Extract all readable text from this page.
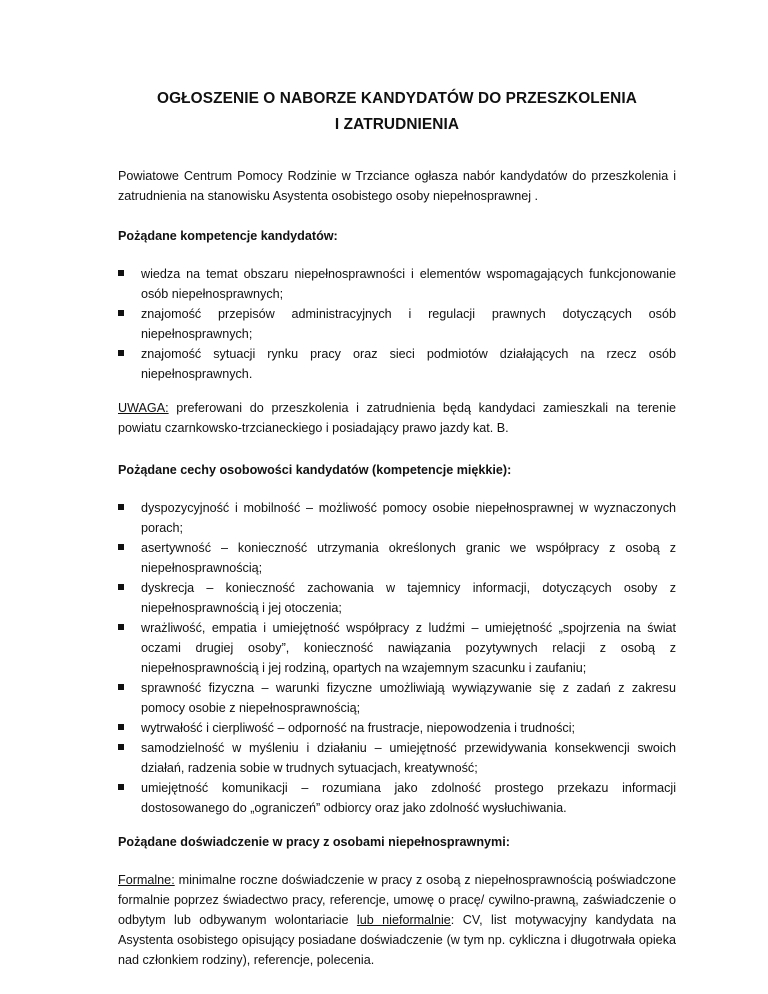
OGŁOSZENIE O NABORZE KANDYDATÓW DO PRZESZKOLENIA
I ZATRUDNIENIA

Powiatowe Centrum Pomocy Rodzinie w Trzciance ogłasza nabór kandydatów do przeszkolenia i zatrudnienia na stanowisku Asystenta osobistego osoby niepełnosprawnej .

Pożądane kompetencje kandydatów:
wiedza na temat obszaru niepełnosprawności i elementów wspomagających funkcjonowanie osób niepełnosprawnych;
znajomość przepisów administracyjnych i regulacji prawnych dotyczących osób niepełnosprawnych;
znajomość sytuacji rynku pracy oraz sieci podmiotów działających na rzecz osób niepełnosprawnych.

UWAGA: preferowani do przeszkolenia i zatrudnienia będą kandydaci zamieszkali na terenie powiatu czarnkowsko-trzcianeckiego i posiadający prawo jazdy kat. B.

Pożądane cechy osobowości kandydatów (kompetencje miękkie):
dyspozycyjność i mobilność – możliwość pomocy osobie niepełnosprawnej w wyznaczonych porach;
asertywność – konieczność utrzymania określonych granic we współpracy z osobą z niepełnosprawnością;
dyskrecja – konieczność zachowania w tajemnicy informacji, dotyczących osoby z niepełnosprawnością i jej otoczenia;
wrażliwość, empatia i umiejętność współpracy z ludźmi – umiejętność „spojrzenia na świat oczami drugiej osoby”, konieczność nawiązania pozytywnych relacji z osobą z niepełnosprawnością i jej rodziną, opartych na wzajemnym szacunku i zaufaniu;
sprawność fizyczna – warunki fizyczne umożliwiają wywiązywanie się z zadań z zakresu pomocy osobie z niepełnosprawnością;
wytrwałość i cierpliwość – odporność na frustracje, niepowodzenia i trudności;
samodzielność w myśleniu i działaniu – umiejętność przewidywania konsekwencji swoich działań, radzenia sobie w trudnych sytuacjach, kreatywność;
umiejętność komunikacji – rozumiana jako zdolność prostego przekazu informacji dostosowanego do „ograniczeń” odbiorcy oraz jako zdolność wysłuchiwania.
Pożądane doświadczenie w pracy z osobami niepełnosprawnymi:

Formalne: minimalne roczne doświadczenie w pracy z osobą z niepełnosprawnością poświadczone formalnie poprzez świadectwo pracy, referencje, umowę o pracę/ cywilno-prawną, zaświadczenie o odbytym lub odbywanym wolontariacie lub nieformalnie: CV, list motywacyjny kandydata na Asystenta osobistego opisujący posiadane doświadczenie (w tym np. cykliczna i długotrwała opieka nad członkiem rodziny), referencje, polecenia.
